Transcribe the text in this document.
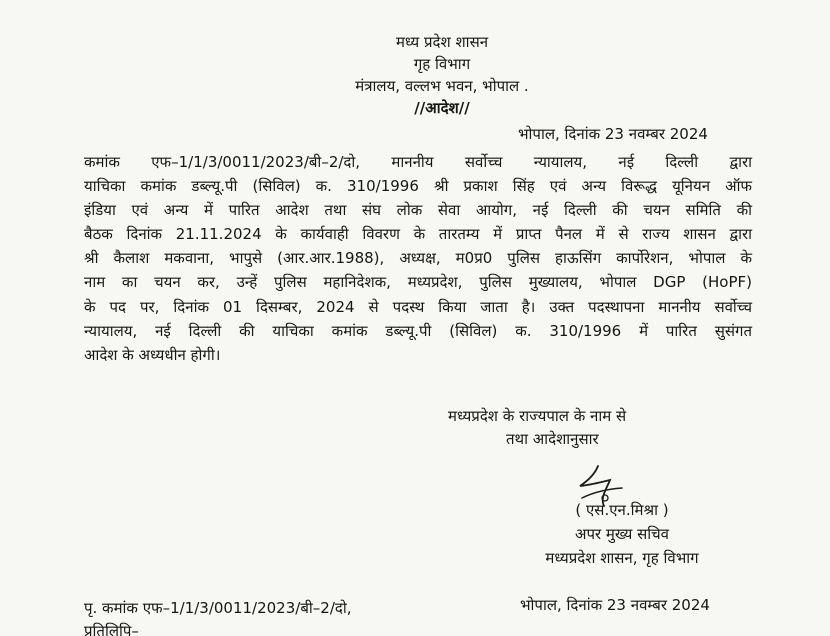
मध्य प्रदेश शासन
गृह विभाग
मंत्रालय, वल्लभ भवन, भोपाल .
//आदेश//
भोपाल, दिनांक 23 नवम्बर 2024
कमांक एफ–1/1/3/0011/2023/बी–2/दो, माननीय सर्वोच्च न्यायालय, नई दिल्ली द्वारा
याचिका कमांक डब्ल्यू.पी (सिविल) क. 310/1996 श्री प्रकाश सिंह एवं अन्य विरूद्ध यूनियन ऑफ
इंडिया एवं अन्य में पारित आदेश तथा संघ लोक सेवा आयोग, नई दिल्ली की चयन समिति की
बैठक दिनांक 21.11.2024 के कार्यवाही विवरण के तारतम्य में प्राप्त पैनल में से राज्य शासन द्वारा
श्री कैलाश मकवाना, भापुसे (आर.आर.1988), अध्यक्ष, म0प्र0 पुलिस हाऊसिंग कार्पोरेशन, भोपाल के
नाम का चयन कर, उन्हें पुलिस महानिदेशक, मध्यप्रदेश, पुलिस मुख्यालय, भोपाल DGP (HoPF)
के पद पर, दिनांक 01 दिसम्बर, 2024 से पदस्थ किया जाता है। उक्त पदस्थापना माननीय सर्वोच्च
न्यायालय, नई दिल्ली की याचिका कमांक डब्ल्यू.पी (सिविल) क. 310/1996 में पारित सुसंगत
आदेश के अध्यधीन होगी।
मध्यप्रदेश के राज्यपाल के नाम से
तथा आदेशानुसार
( एस.एन.मिश्रा )
अपर मुख्य सचिव
मध्यप्रदेश शासन, गृह विभाग
पृ. कमांक एफ–1/1/3/0011/2023/बी–2/दो,
प्रतिलिपि–
भोपाल, दिनांक 23 नवम्बर 2024
